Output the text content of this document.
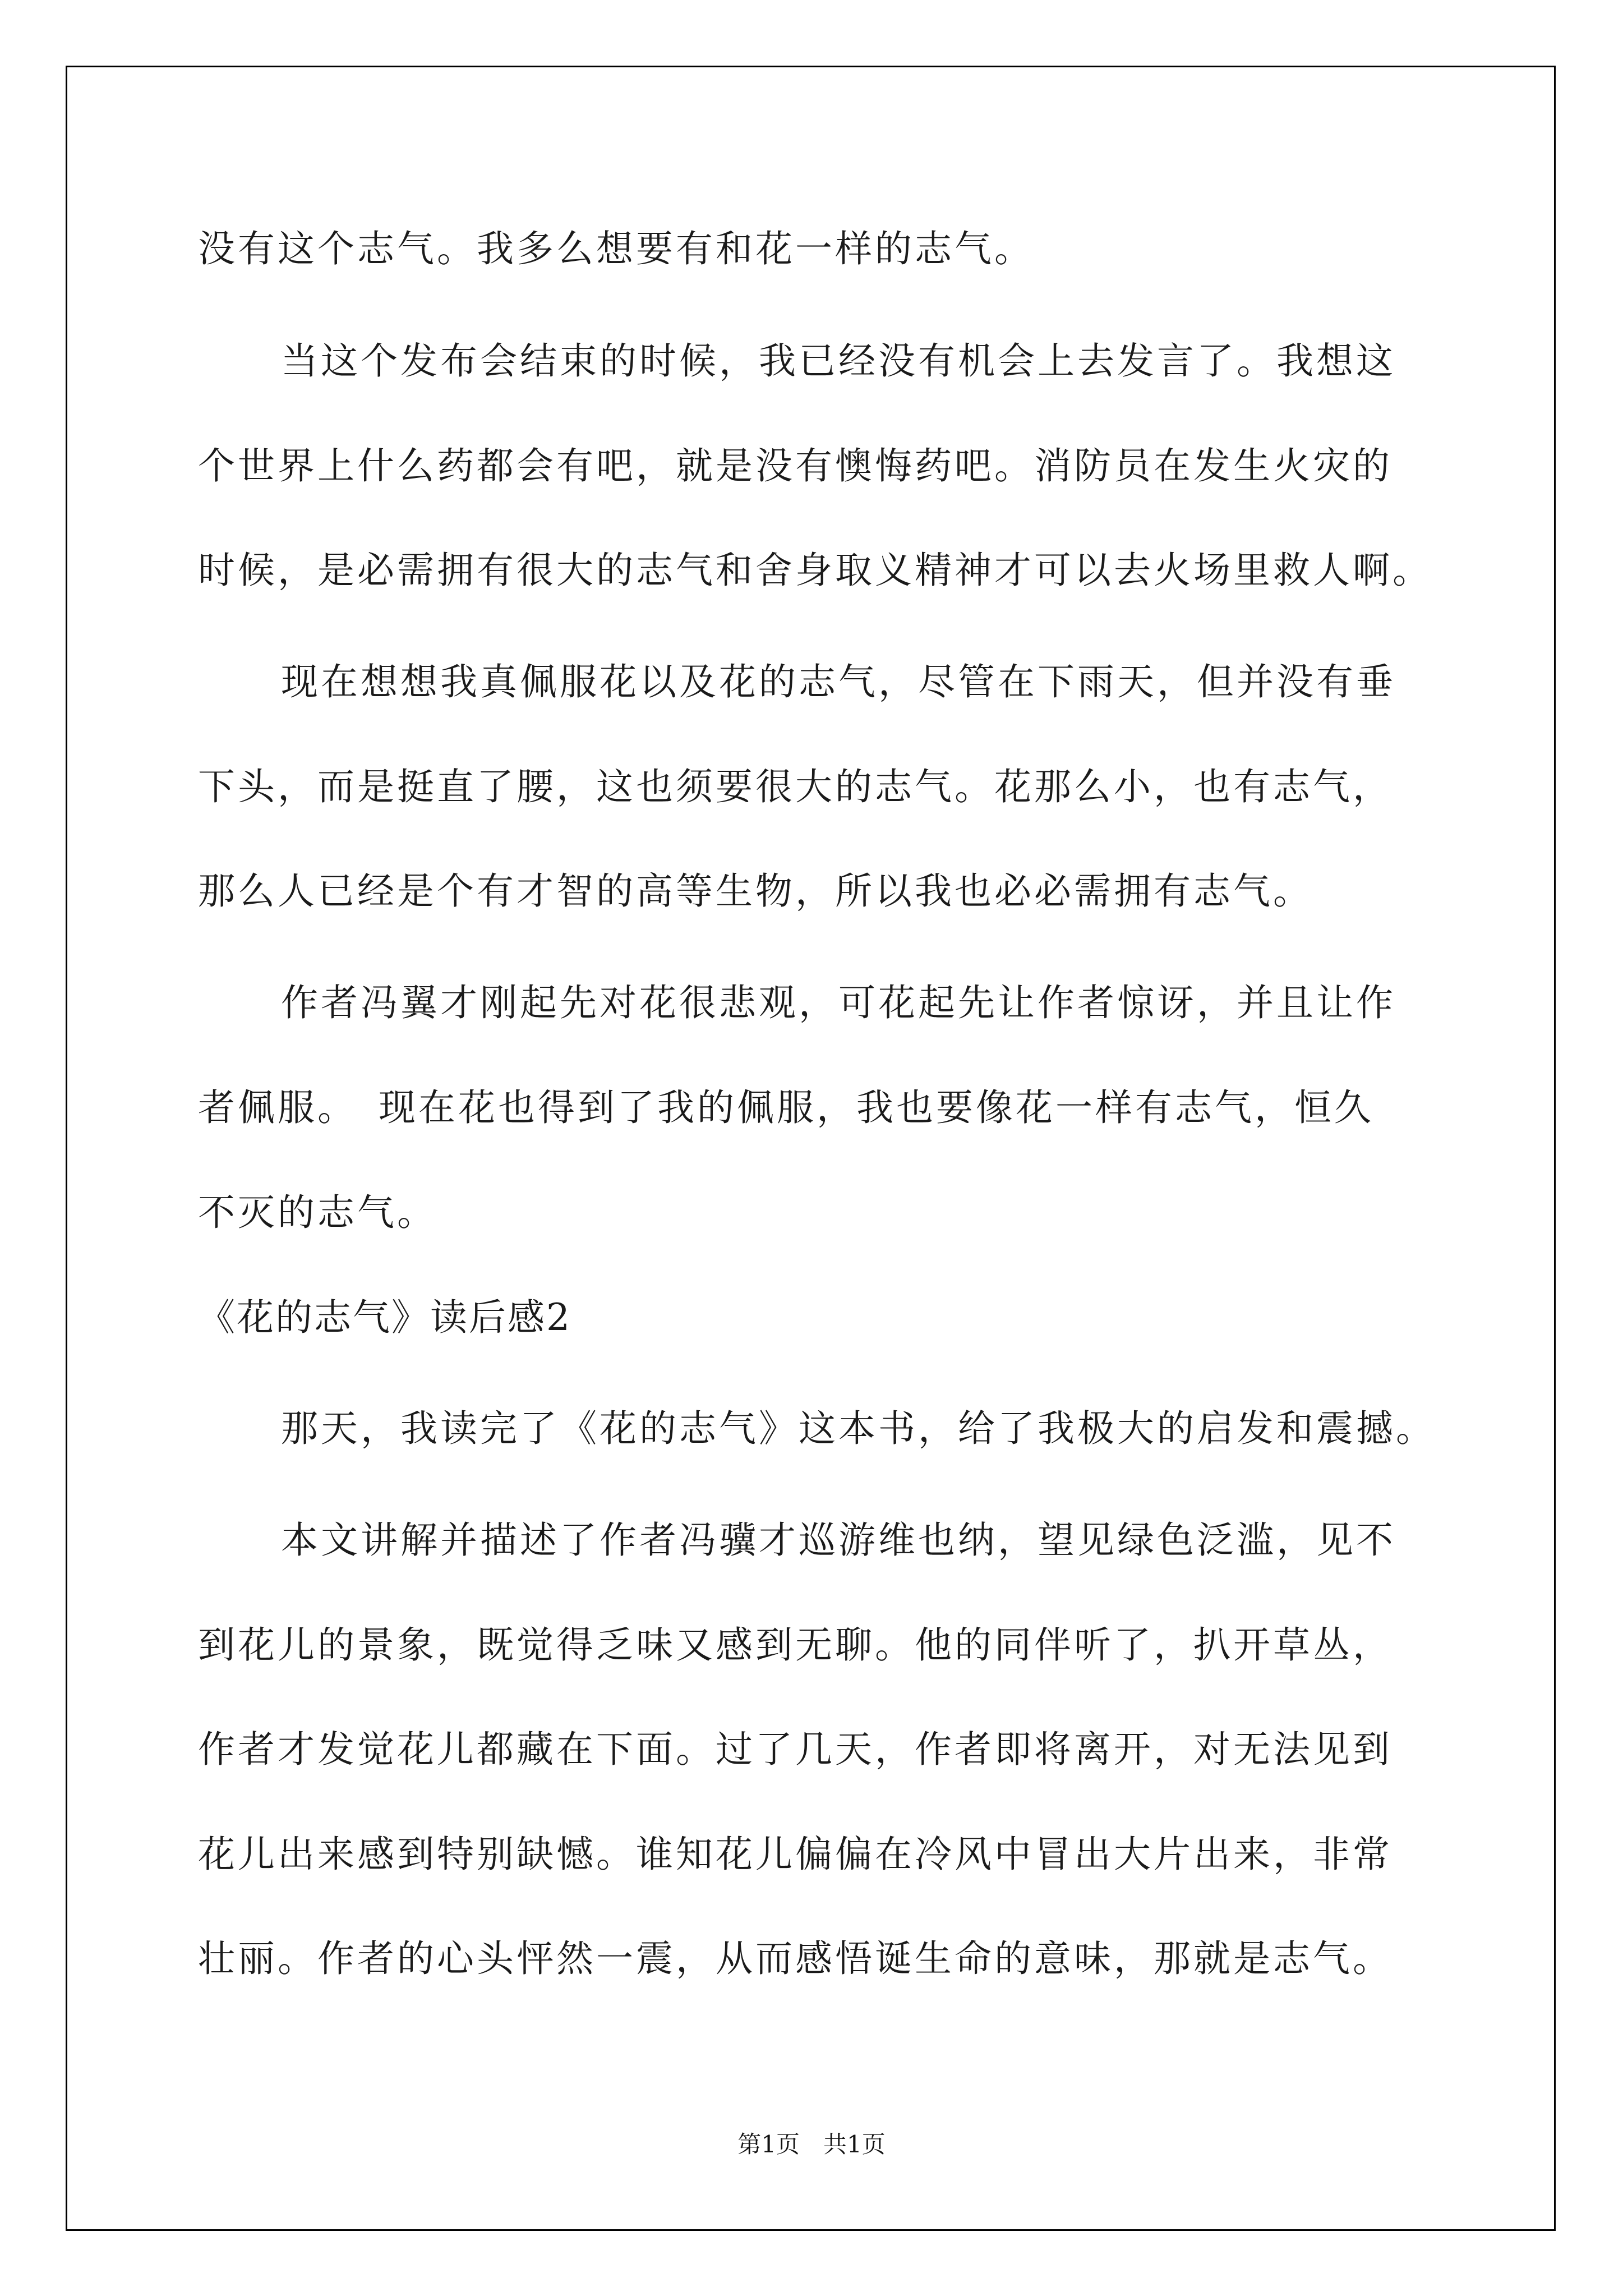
没有这个志气。我多么想要有和花一样的志气。
当这个发布会结束的时候，我已经没有机会上去发言了。我想这
个世界上什么药都会有吧，就是没有懊悔药吧。消防员在发生火灾的
时候，是必需拥有很大的志气和舍身取义精神才可以去火场里救人啊。
现在想想我真佩服花以及花的志气，尽管在下雨天，但并没有垂
下头，而是挺直了腰，这也须要很大的志气。花那么小，也有志气，
那么人已经是个有才智的高等生物，所以我也必必需拥有志气。
作者冯翼才刚起先对花很悲观，可花起先让作者惊讶，并且让作
者佩服。　现在花也得到了我的佩服，我也要像花一样有志气，恒久
不灭的志气。
《花的志气》读后感2
那天，我读完了《花的志气》这本书，给了我极大的启发和震撼。
本文讲解并描述了作者冯骥才巡游维也纳，望见绿色泛滥，见不
到花儿的景象，既觉得乏味又感到无聊。他的同伴听了，扒开草丛，
作者才发觉花儿都藏在下面。过了几天，作者即将离开，对无法见到
花儿出来感到特别缺憾。谁知花儿偏偏在冷风中冒出大片出来，非常
壮丽。作者的心头怦然一震，从而感悟诞生命的意味，那就是志气。
第1页　共1页
